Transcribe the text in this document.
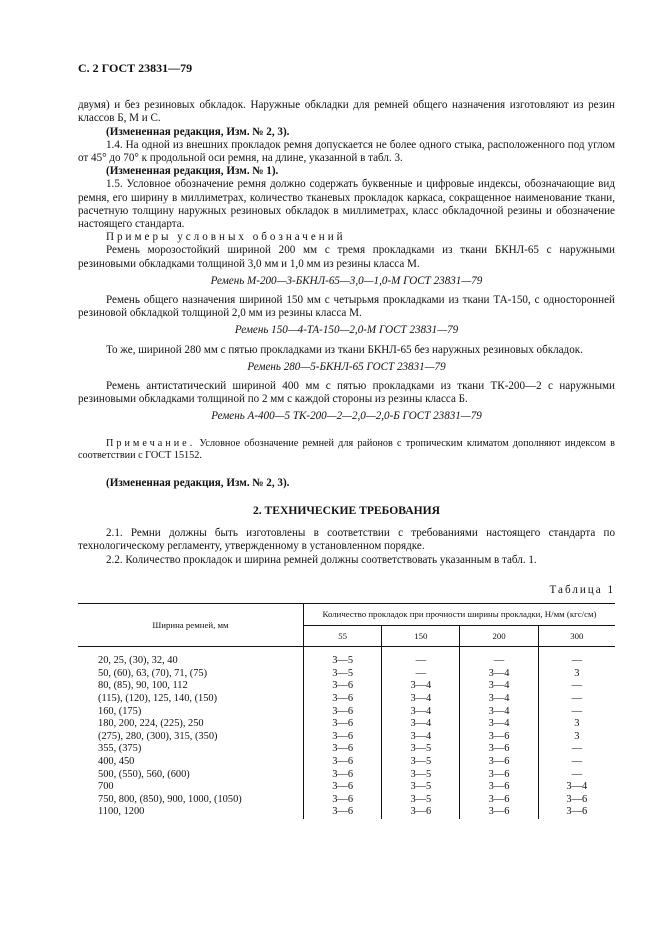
С. 2 ГОСТ 23831—79

двумя) и без резиновых обкладок. Наружные обкладки для ремней общего назначения изготовляют из резин классов Б, М и С.

(Измененная редакция, Изм. № 2, 3).

1.4. На одной из внешних прокладок ремня допускается не более одного стыка, расположенного под углом от 45° до 70° к продольной оси ремня, на длине, указанной в табл. 3.

(Измененная редакция, Изм. № 1).

1.5. Условное обозначение ремня должно содержать буквенные и цифровые индексы, обозначающие вид ремня, его ширину в миллиметрах, количество тканевых прокладок каркаса, сокращенное наименование ткани, расчетную толщину наружных резиновых обкладок в миллиметрах, класс обкладочной резины и обозначение настоящего стандарта.

Примеры условных обозначений

Ремень морозостойкий шириной 200 мм с тремя прокладками из ткани БКНЛ-65 с наружными резиновыми обкладками толщиной 3,0 мм и 1,0 мм из резины класса М.

Ремень М-200—3-БКНЛ-65—3,0—1,0-М ГОСТ 23831—79

Ремень общего назначения шириной 150 мм с четырьмя прокладками из ткани ТА-150, с односторонней резиновой обкладкой толщиной 2,0 мм из резины класса М.

Ремень 150—4-ТА-150—2,0-М ГОСТ 23831—79

То же, шириной 280 мм с пятью прокладками из ткани БКНЛ-65 без наружных резиновых обкладок.

Ремень 280—5-БКНЛ-65 ГОСТ 23831—79

Ремень антистатический шириной 400 мм с пятью прокладками из ткани ТК-200—2 с наружными резиновыми обкладками толщиной по 2 мм с каждой стороны из резины класса Б.

Ремень А-400—5 ТК-200—2—2,0—2,0-Б ГОСТ 23831—79

Примечание. Условное обозначение ремней для районов с тропическим климатом дополняют индексом в соответствии с ГОСТ 15152.

(Измененная редакция, Изм. № 2, 3).

2. ТЕХНИЧЕСКИЕ ТРЕБОВАНИЯ

2.1. Ремни должны быть изготовлены в соответствии с требованиями настоящего стандарта по технологическому регламенту, утвержденному в установленном порядке.

2.2. Количество прокладок и ширина ремней должны соответствовать указанным в табл. 1.

Таблица 1
Ширина ремней, мм	Количество прокладок при прочности ширины прокладки, Н/мм (кгс/см)			
	55	150	200	300

20, 25, (30), 32, 40	3—5	—	—	—
50, (60), 63, (70), 71, (75)	3—5	—	3—4	3
80, (85), 90, 100, 112	3—6	3—4	3—4	—
(115), (120), 125, 140, (150)	3—6	3—4	3—4	—
160, (175)	3—6	3—4	3—4	—
180, 200, 224, (225), 250	3—6	3—4	3—4	3
(275), 280, (300), 315, (350)	3—6	3—4	3—6	3
355, (375)	3—6	3—5	3—6	—
400, 450	3—6	3—5	3—6	—
500, (550), 560, (600)	3—6	3—5	3—6	—
700	3—6	3—5	3—6	3—4
750, 800, (850), 900, 1000, (1050)	3—6	3—5	3—6	3—6
1100, 1200	3—6	3—6	3—6	3—6
